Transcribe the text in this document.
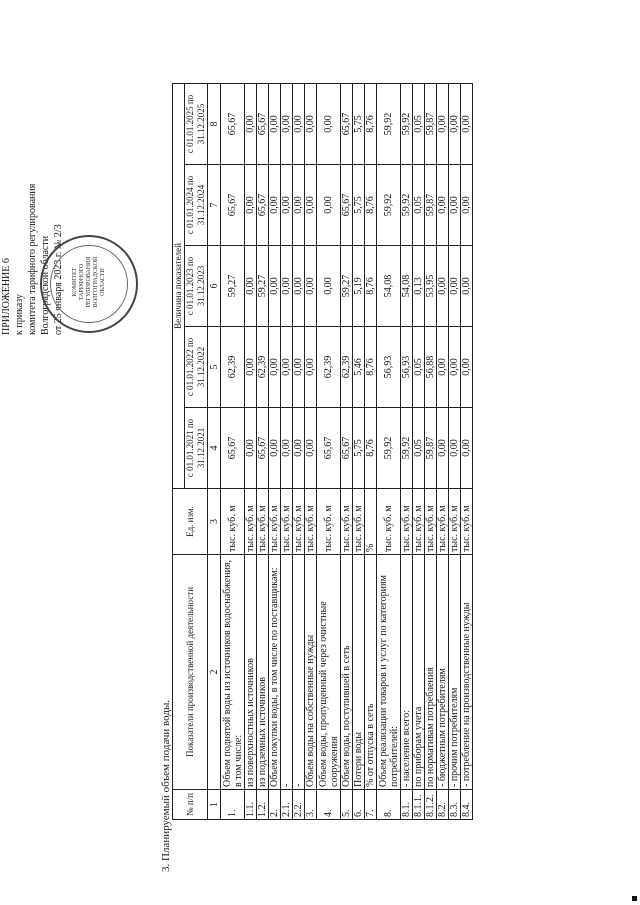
ПРИЛОЖЕНИЕ 6 к приказу комитета тарифного регулирования Волгоградской области от 25 января 2023 г. № 2/3 КОМИТЕТ ТАРИФНОГО РЕГУЛИРОВАНИЯ ВОЛГОГРАДСКОЙ ОБЛАСТИ
3. Планируемый объем подачи воды. № п/п	Показатели производственной деятельности	Ед. изм.	Величина показателей				
			с 01.01.2021 по 31.12.2021	с 01.01.2022 по 31.12.2022	с 01.01.2023 по 31.12.2023	с 01.01.2024 по 31.12.2024	с 01.01.2025 по 31.12.2025
1	2	3	4	5	6	7	8
1.	Объем поднятой воды из источников водоснабжения, в том числе:	тыс. куб. м	65,67	62,39	59,27	65,67	65,67
1.1.	из поверхностных источников	тыс. куб. м	0,00	0,00	0,00	0,00	0,00
1.2.	из подземных источников	тыс. куб. м	65,67	62,39	59,27	65,67	65,67
2.	Объем покупки воды, в том числе по поставщикам:	тыс. куб. м	0,00	0,00	0,00	0,00	0,00
2.1.	-	тыс. куб. м	0,00	0,00	0,00	0,00	0,00
2.2.	-	тыс. куб. м	0,00	0,00	0,00	0,00	0,00
3.	Объем воды на собственные нужды	тыс. куб. м	0,00	0,00	0,00	0,00	0,00
4.	Объем воды, пропущенный через очистные сооружения	тыс. куб. м	65,67	62,39	0,00	0,00	0,00
5.	Объем воды, поступившей в сеть	тыс. куб. м	65,67	62,39	59,27	65,67	65,67
6.	Потери воды	тыс. куб. м	5,75	5,46	5,19	5,75	5,75
7.	% от отпуска в сеть	%	8,76	8,76	8,76	8,76	8,76
8.	Объем реализации товаров и услуг по категориям потребителей:	тыс. куб. м	59,92	56,93	54,08	59,92	59,92
8.1.	- население всего:	тыс. куб. м	59,92	56,93	54,08	59,92	59,92
8.1.1.	по приборам учета	тыс. куб. м	0,05	0,05	0,13	0,05	0,05
8.1.2.	по нормативам потребления	тыс. куб. м	59,87	56,88	53,95	59,87	59,87
8.2.	- бюджетным потребителям	тыс. куб. м	0,00	0,00	0,00	0,00	0,00
8.3.	- прочим потребителям	тыс. куб. м	0,00	0,00	0,00	0,00	0,00
8.4.	- потребление на производственные нужды	тыс. куб. м	0,00	0,00	0,00	0,00	0,00
